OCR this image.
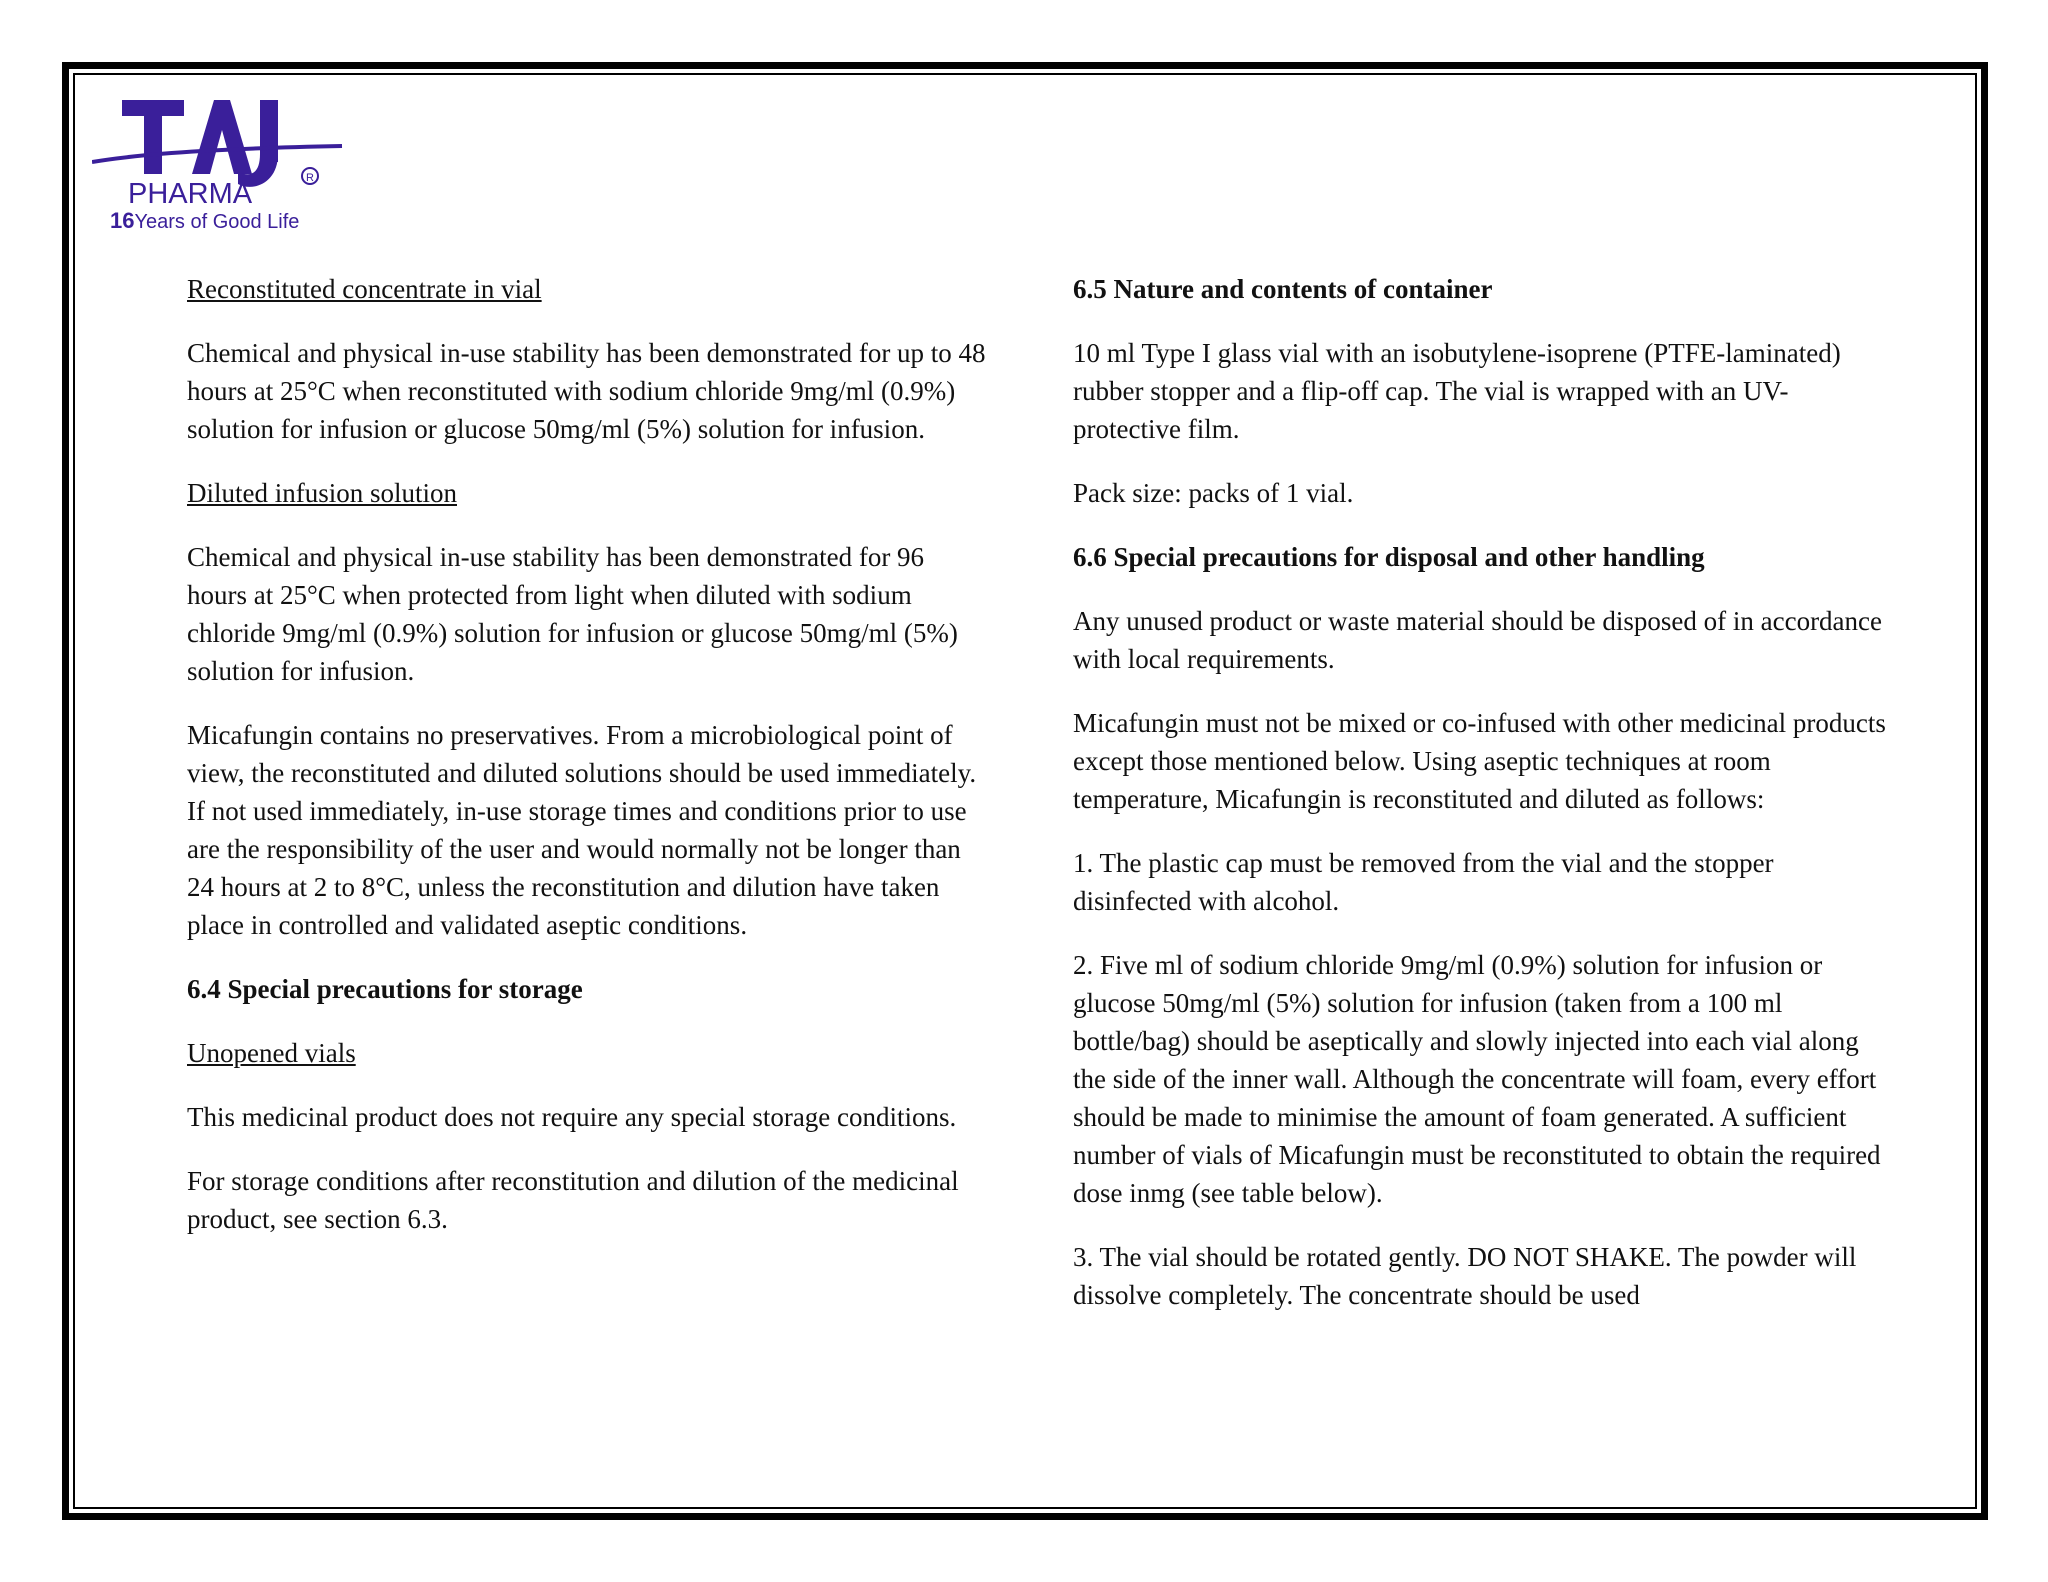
R
PHARMA
16Years of Good Life

Reconstituted concentrate in vial

Chemical and physical in-use stability has been demonstrated for up to 48 hours at 25°C when reconstituted with sodium chloride 9mg/ml (0.9%) solution for infusion or glucose 50mg/ml (5%) solution for infusion.

Diluted infusion solution

Chemical and physical in-use stability has been demonstrated for 96 hours at 25°C when protected from light when diluted with sodium chloride 9mg/ml (0.9%) solution for infusion or glucose 50mg/ml (5%) solution for infusion.

Micafungin contains no preservatives. From a microbiological point of view, the reconstituted and diluted solutions should be used immediately. If not used immediately, in-use storage times and conditions prior to use are the responsibility of the user and would normally not be longer than 24 hours at 2 to 8°C, unless the reconstitution and dilution have taken place in controlled and validated aseptic conditions.

6.4 Special precautions for storage

Unopened vials

This medicinal product does not require any special storage conditions.

For storage conditions after reconstitution and dilution of the medicinal product, see section 6.3.

6.5 Nature and contents of container

10 ml Type I glass vial with an isobutylene-isoprene (PTFE-laminated) rubber stopper and a flip-off cap. The vial is wrapped with an UV-protective film.

Pack size: packs of 1 vial.

6.6 Special precautions for disposal and other handling

Any unused product or waste material should be disposed of in accordance with local requirements.

Micafungin must not be mixed or co-infused with other medicinal products except those mentioned below. Using aseptic techniques at room temperature, Micafungin is reconstituted and diluted as follows:

1. The plastic cap must be removed from the vial and the stopper disinfected with alcohol.

2. Five ml of sodium chloride 9mg/ml (0.9%) solution for infusion or glucose 50mg/ml (5%) solution for infusion (taken from a 100 ml bottle/bag) should be aseptically and slowly injected into each vial along the side of the inner wall. Although the concentrate will foam, every effort should be made to minimise the amount of foam generated. A sufficient number of vials of Micafungin must be reconstituted to obtain the required dose inmg (see table below).

3. The vial should be rotated gently. DO NOT SHAKE. The powder will dissolve completely. The concentrate should be used
